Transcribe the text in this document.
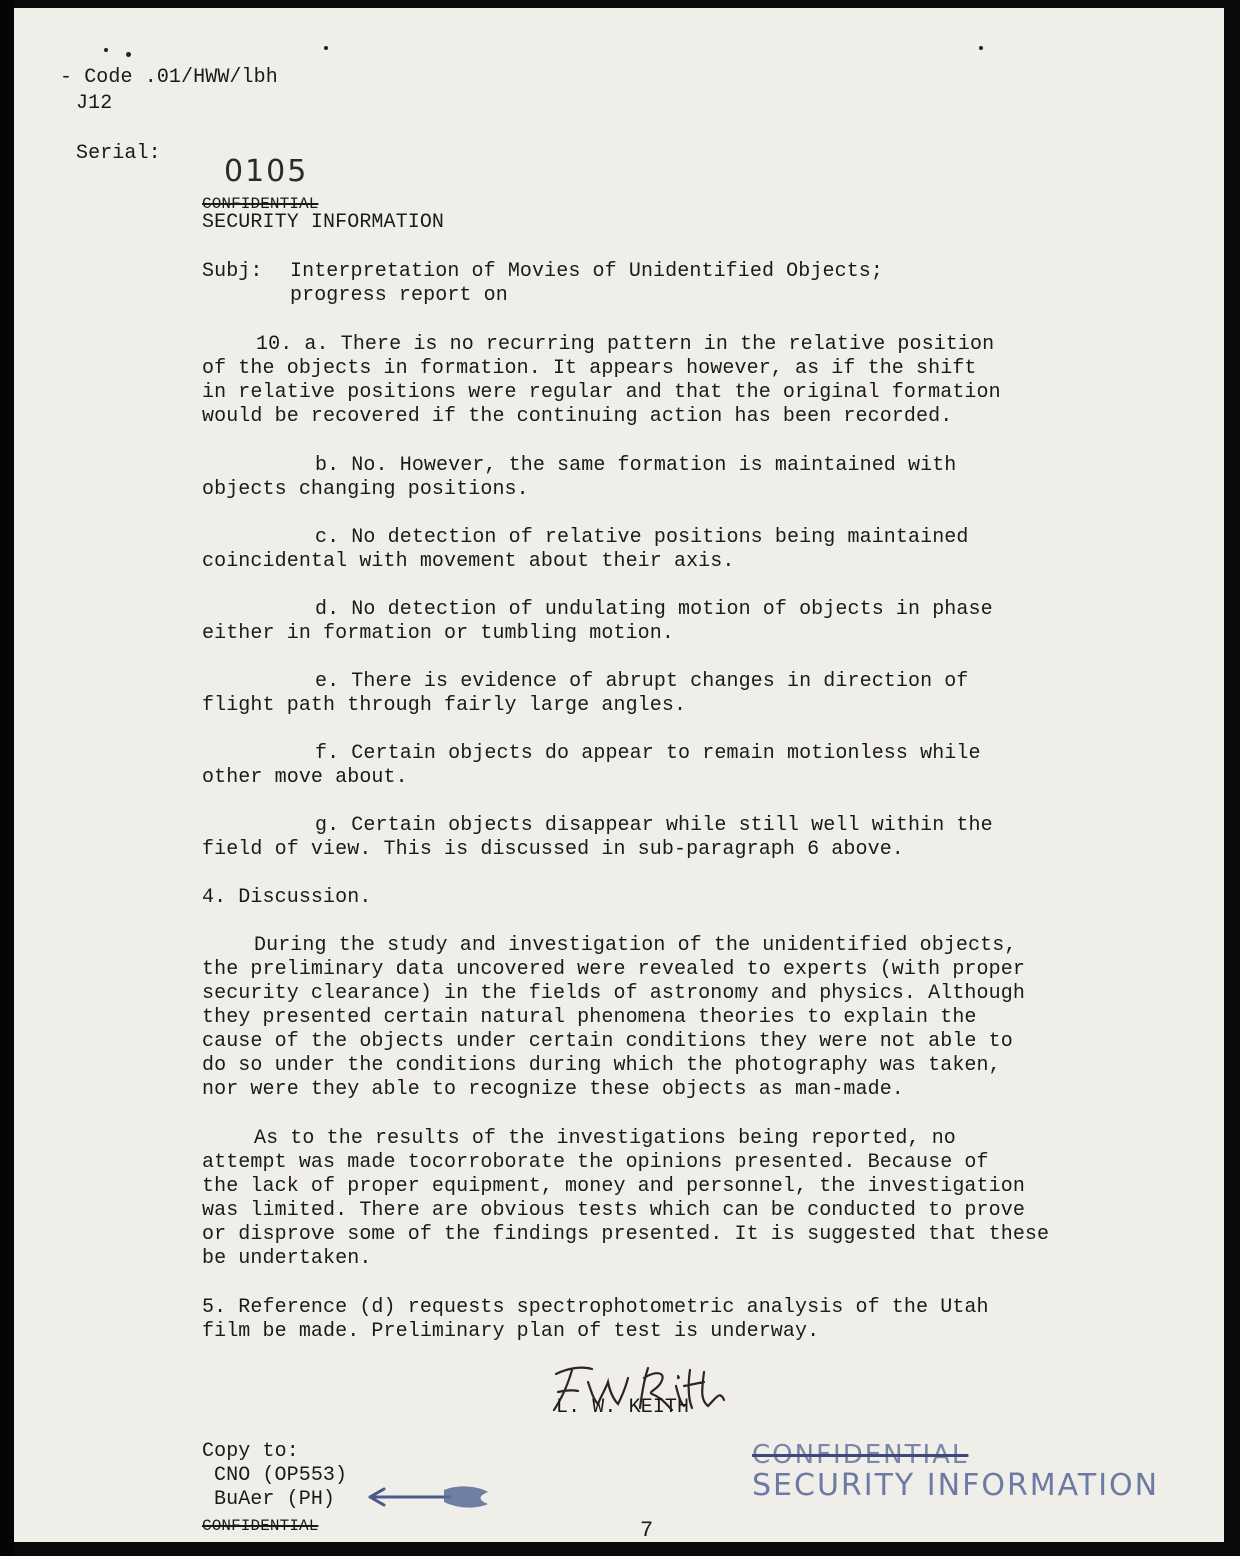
- Code .01/HWW/lbh
J12
Serial:
0105
CONFIDENTIAL
SECURITY INFORMATION
Subj: Interpretation of Movies of Unidentified Objects;
progress report on
10. a. There is no recurring pattern in the relative position
of the objects in formation. It appears however, as if the shift
in relative positions were regular and that the original formation
would be recovered if the continuing action has been recorded.
b. No. However, the same formation is maintained with
objects changing positions.
c. No detection of relative positions being maintained
coincidental with movement about their axis.
d. No detection of undulating motion of objects in phase
either in formation or tumbling motion.
e. There is evidence of abrupt changes in direction of
flight path through fairly large angles.
f. Certain objects do appear to remain motionless while
other move about.
g. Certain objects disappear while still well within the
field of view. This is discussed in sub-paragraph 6 above.
4. Discussion.
During the study and investigation of the unidentified objects,
the preliminary data uncovered were revealed to experts (with proper
security clearance) in the fields of astronomy and physics. Although
they presented certain natural phenomena theories to explain the
cause of the objects under certain conditions they were not able to
do so under the conditions during which the photography was taken,
nor were they able to recognize these objects as man-made.
As to the results of the investigations being reported, no
attempt was made tocorroborate the opinions presented. Because of
the lack of proper equipment, money and personnel, the investigation
was limited. There are obvious tests which can be conducted to prove
or disprove some of the findings presented. It is suggested that these
be undertaken.
5. Reference (d) requests spectrophotometric analysis of the Utah
film be made. Preliminary plan of test is underway.
L. W. KEITH
Copy to:
CNO (OP553)
BuAer (PH)
CONFIDENTIAL
CONFIDENTIAL
SECURITY INFORMATION
7
